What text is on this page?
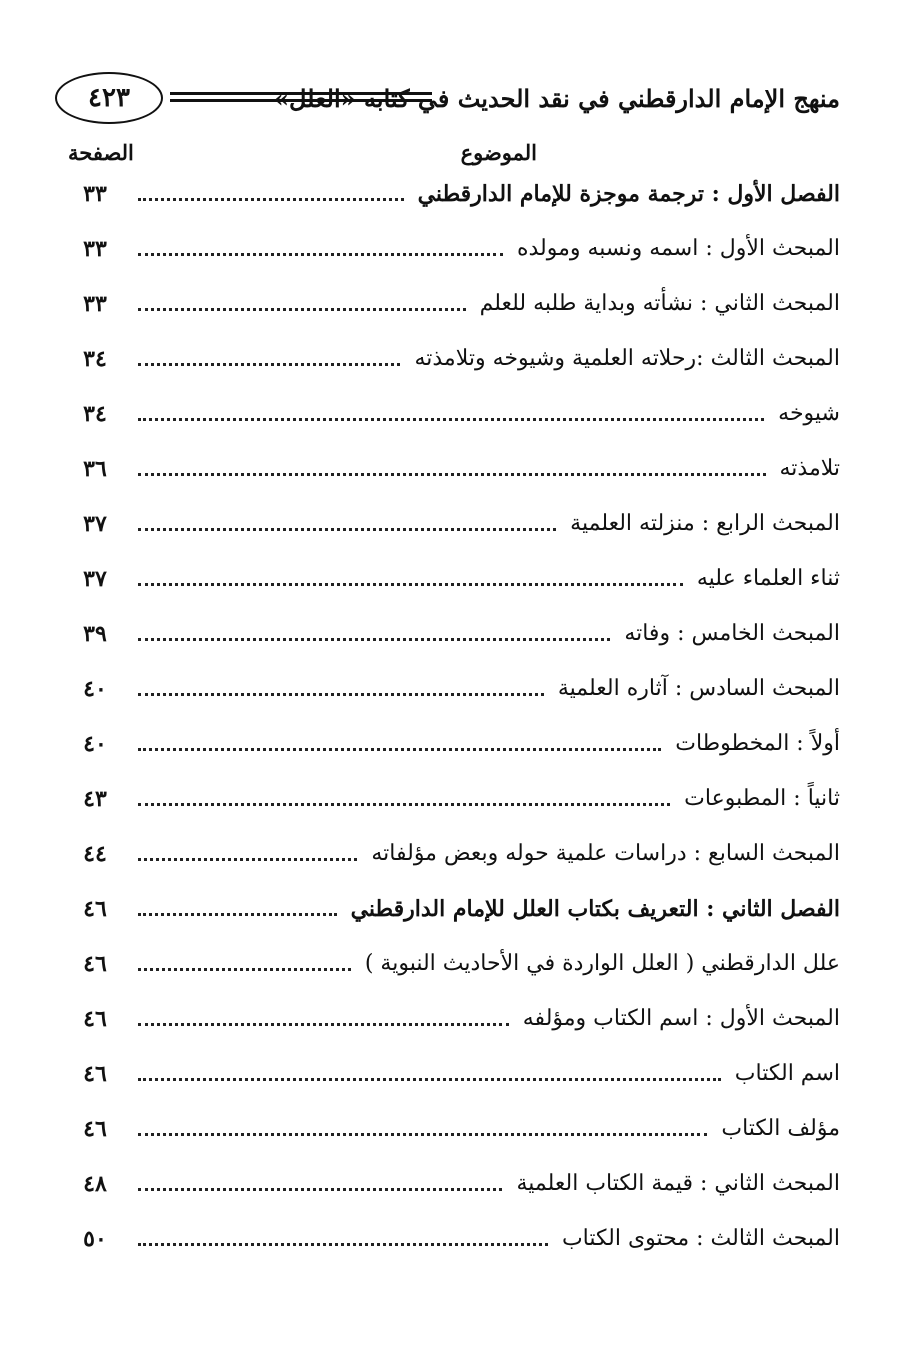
٤٢٣	منهج الإمام الدارقطني في نقد الحديث في كتابه «العلل»
الموضوع
الصفحة
الفصل الأول : ترجمة موجزة للإمام الدارقطني
٣٣
المبحث الأول : اسمه ونسبه ومولده
٣٣
المبحث الثاني : نشأته وبداية طلبه للعلم
٣٣
المبحث الثالث :رحلاته العلمية وشيوخه وتلامذته
٣٤
شيوخه
٣٤
تلامذته
٣٦
المبحث الرابع : منزلته العلمية
٣٧
ثناء العلماء عليه
٣٧
المبحث الخامس : وفاته
٣٩
المبحث السادس : آثاره العلمية
٤٠
أولاً : المخطوطات
٤٠
ثانياً : المطبوعات
٤٣
المبحث السابع : دراسات علمية حوله وبعض مؤلفاته
٤٤
الفصل الثاني : التعريف بكتاب العلل للإمام الدارقطني
٤٦
علل الدارقطني ( العلل الواردة في الأحاديث النبوية )
٤٦
المبحث الأول : اسم الكتاب ومؤلفه
٤٦
اسم الكتاب
٤٦
مؤلف الكتاب
٤٦
المبحث الثاني : قيمة الكتاب العلمية
٤٨
المبحث الثالث : محتوى الكتاب
٥٠
